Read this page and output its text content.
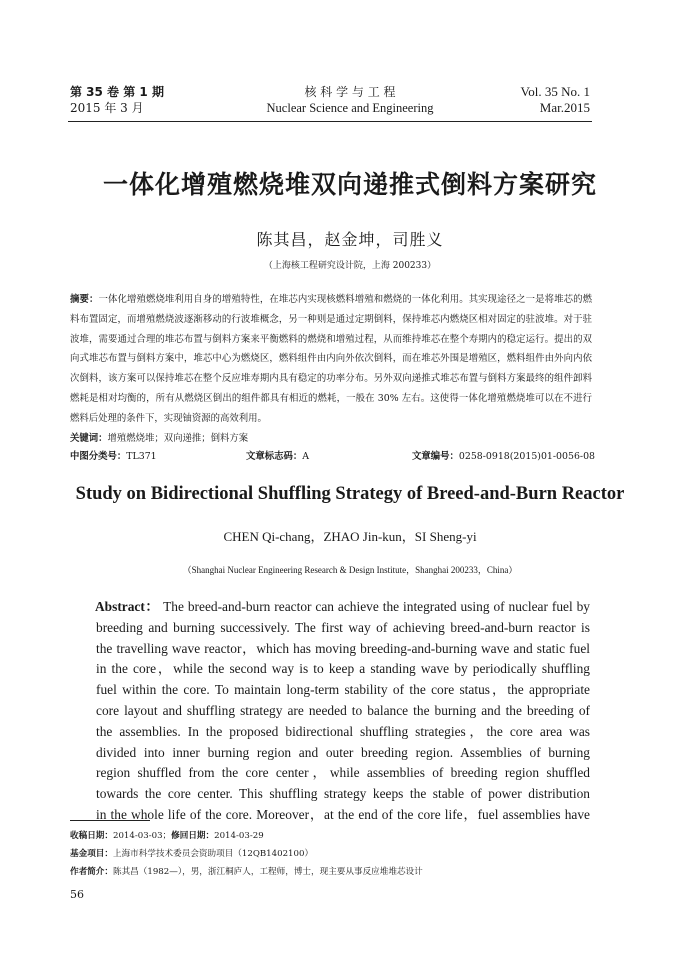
第 35 卷 第 1 期
2015 年 3 月
核 科 学 与 工 程
Nuclear Science and Engineering
Vol. 35 No. 1
Mar.2015
一体化增殖燃烧堆双向递推式倒料方案研究
陈其昌，赵金坤，司胜义
（上海核工程研究设计院，上海 200233）
摘要：一体化增殖燃烧堆利用自身的增殖特性，在堆芯内实现核燃料增殖和燃烧的一体化利用。其实现途径之一是将堆芯的燃料布置固定，而增殖燃烧波逐渐移动的行波堆概念，另一种则是通过定期倒料，保持堆芯内燃烧区相对固定的驻波堆。对于驻波堆，需要通过合理的堆芯布置与倒料方案来平衡燃料的燃烧和增殖过程，从而维持堆芯在整个寿期内的稳定运行。提出的双向式堆芯布置与倒料方案中，堆芯中心为燃烧区，燃料组件由内向外依次倒料，而在堆芯外围是增殖区，燃料组件由外向内依次倒料，该方案可以保持堆芯在整个反应堆寿期内具有稳定的功率分布。另外双向递推式堆芯布置与倒料方案最终的组件卸料燃耗是相对均衡的，所有从燃烧区倒出的组件都具有相近的燃耗，一般在 30% 左右。这使得一体化增殖燃烧堆可以在不进行燃料后处理的条件下，实现铀资源的高效利用。
关键词：增殖燃烧堆；双向递推；倒料方案
中图分类号：TL371	文章标志码：A	文章编号：0258-0918(2015)01-0056-08
Study on Bidirectional Shuffling Strategy of Breed-and-Burn Reactor
CHEN Qi-chang，ZHAO Jin-kun，SI Sheng-yi
（Shanghai Nuclear Engineering Research & Design Institute，Shanghai 200233，China）
Abstract： The breed-and-burn reactor can achieve the integrated using of nuclear fuel by
breeding and burning successively. The first way of achieving breed-and-burn reactor is
the travelling wave reactor，which has moving breeding-and-burning wave and static fuel
in the core，while the second way is to keep a standing wave by periodically shuffling
fuel within the core. To maintain long-term stability of the core status，the appropriate
core layout and shuffling strategy are needed to balance the burning and the breeding of
the assemblies. In the proposed bidirectional shuffling strategies，the core area was
divided into inner burning region and outer breeding region. Assemblies of burning
region shuffled from the core center，while assemblies of breeding region shuffled
towards the core center. This shuffling strategy keeps the stable of power distribution
in the whole life of the core. Moreover，at the end of the core life，fuel assemblies have
收稿日期：2014-03-03；修回日期：2014-03-29
基金项目：上海市科学技术委员会资助项目（12QB1402100）
作者简介：陈其昌（1982—），男，浙江桐庐人，工程师，博士，现主要从事反应堆堆芯设计
56
